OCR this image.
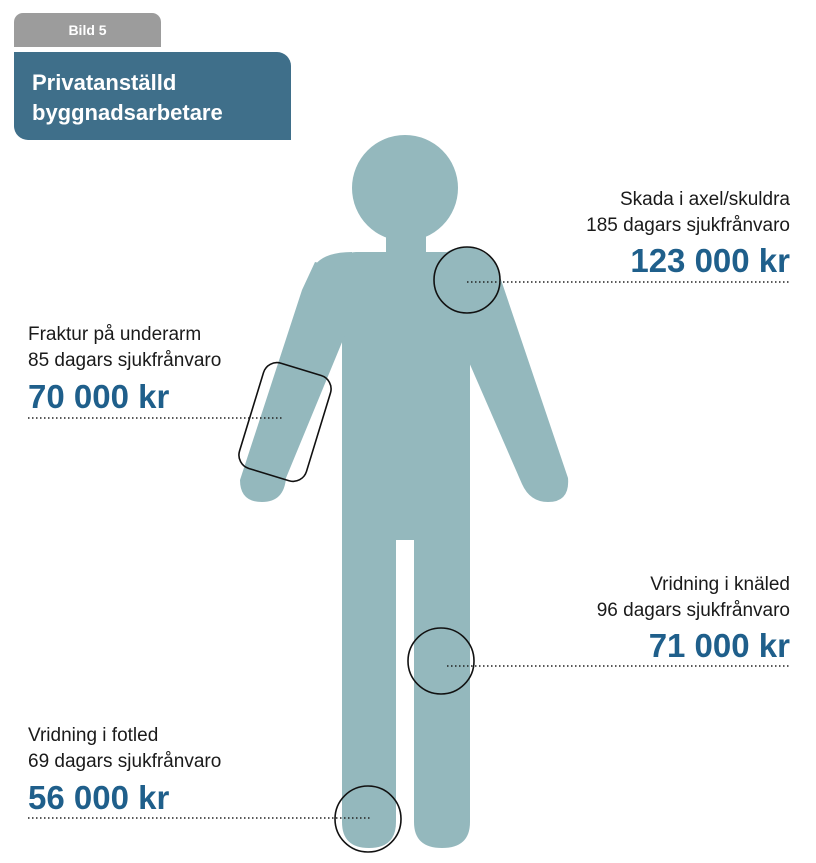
Bild 5
Privatanställd
byggnadsarbetare
Skada i axel/skuldra
185 dagars sjukfrånvaro
123 000 kr
Fraktur på underarm
85 dagars sjukfrånvaro
70 000 kr
Vridning i knäled
96 dagars sjukfrånvaro
71 000 kr
Vridning i fotled
69 dagars sjukfrånvaro
56 000 kr
